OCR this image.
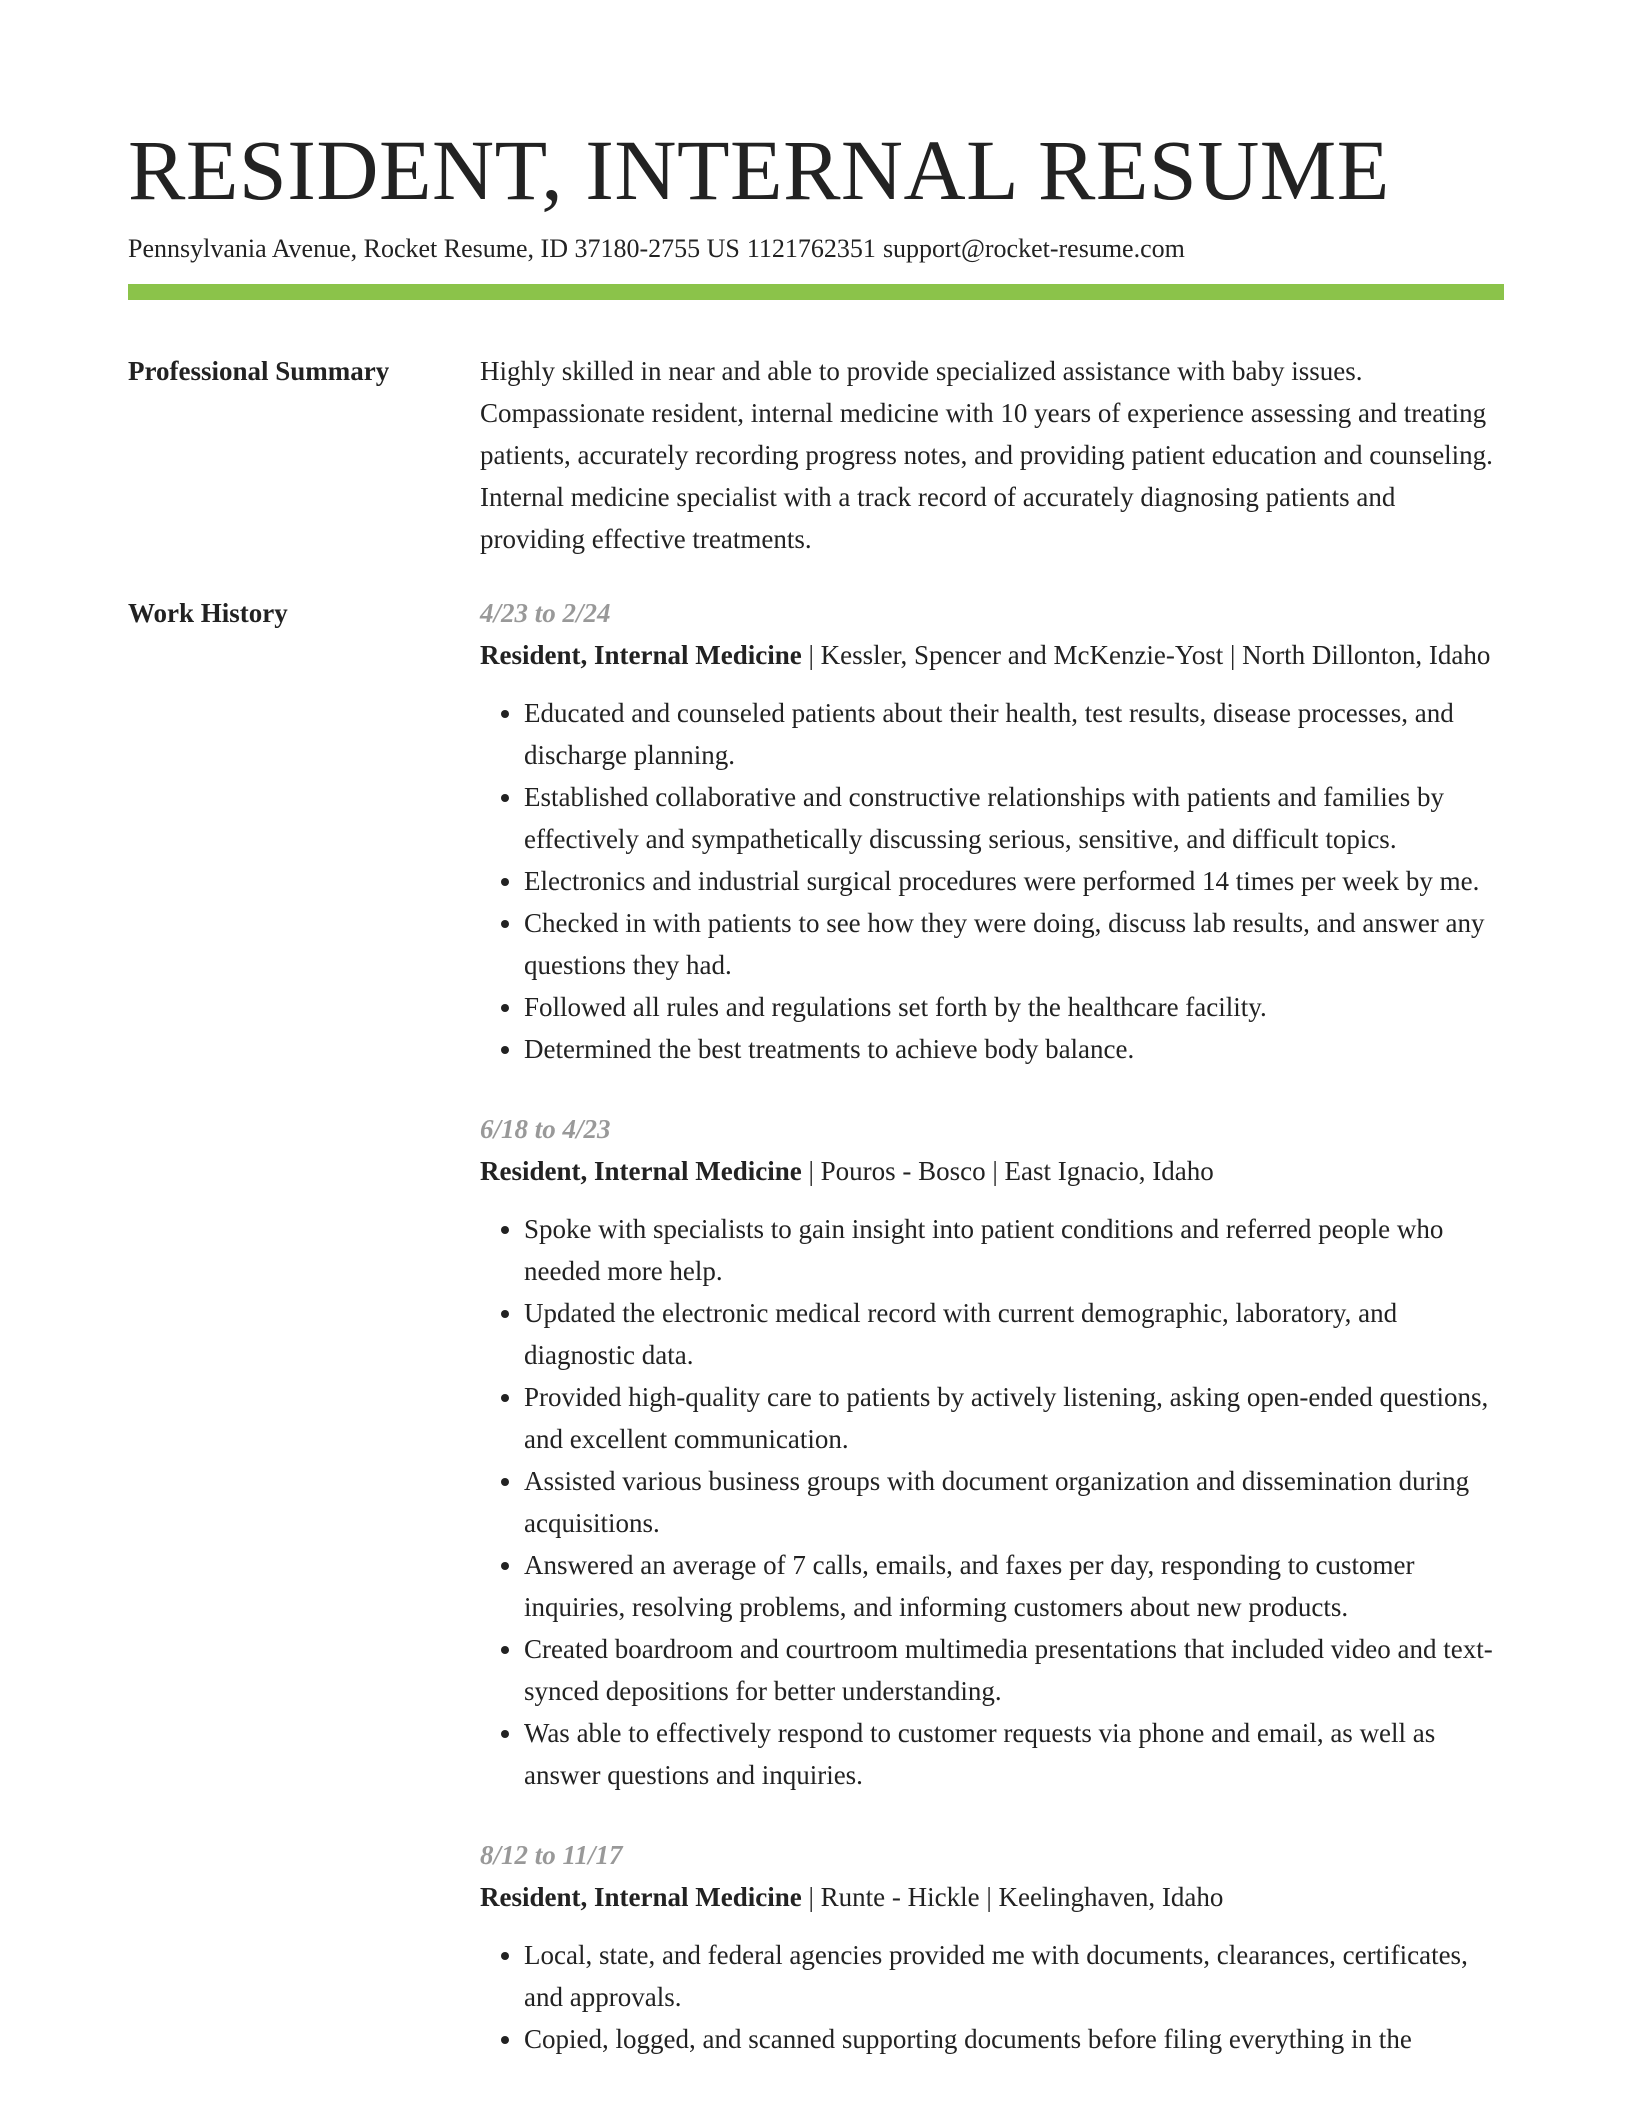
RESIDENT, INTERNAL RESUME
Pennsylvania Avenue, Rocket Resume, ID 37180-2755 US 1121762351 support@rocket-resume.com
Professional Summary	Highly skilled in near and able to provide specialized assistance with baby issues. Compassionate resident, internal medicine with 10 years of experience assessing and treating patients, accurately recording progress notes, and providing patient education and counseling. Internal medicine specialist with a track record of accurately diagnosing patients and providing effective treatments.

Work History	4/23 to 2/24

Resident, Internal Medicine | Kessler, Spencer and McKenzie-Yost | North Dillonton, Idaho

• Educated and counseled patients about their health, test results, disease processes, and discharge planning.
• Established collaborative and constructive relationships with patients and families by effectively and sympathetically discussing serious, sensitive, and difficult topics.
• Electronics and industrial surgical procedures were performed 14 times per week by me.
• Checked in with patients to see how they were doing, discuss lab results, and answer any questions they had.
• Followed all rules and regulations set forth by the healthcare facility.
• Determined the best treatments to achieve body balance.
6/18 to 4/23

Resident, Internal Medicine | Pouros - Bosco | East Ignacio, Idaho

• Spoke with specialists to gain insight into patient conditions and referred people who needed more help.
• Updated the electronic medical record with current demographic, laboratory, and diagnostic data.
• Provided high-quality care to patients by actively listening, asking open-ended questions, and excellent communication.
• Assisted various business groups with document organization and dissemination during acquisitions.
• Answered an average of 7 calls, emails, and faxes per day, responding to customer inquiries, resolving problems, and informing customers about new products.
• Created boardroom and courtroom multimedia presentations that included video and text-synced depositions for better understanding.
• Was able to effectively respond to customer requests via phone and email, as well as answer questions and inquiries.
8/12 to 11/17

Resident, Internal Medicine | Runte - Hickle | Keelinghaven, Idaho

• Local, state, and federal agencies provided me with documents, clearances, certificates, and approvals.
• Copied, logged, and scanned supporting documents before filing everything in the
